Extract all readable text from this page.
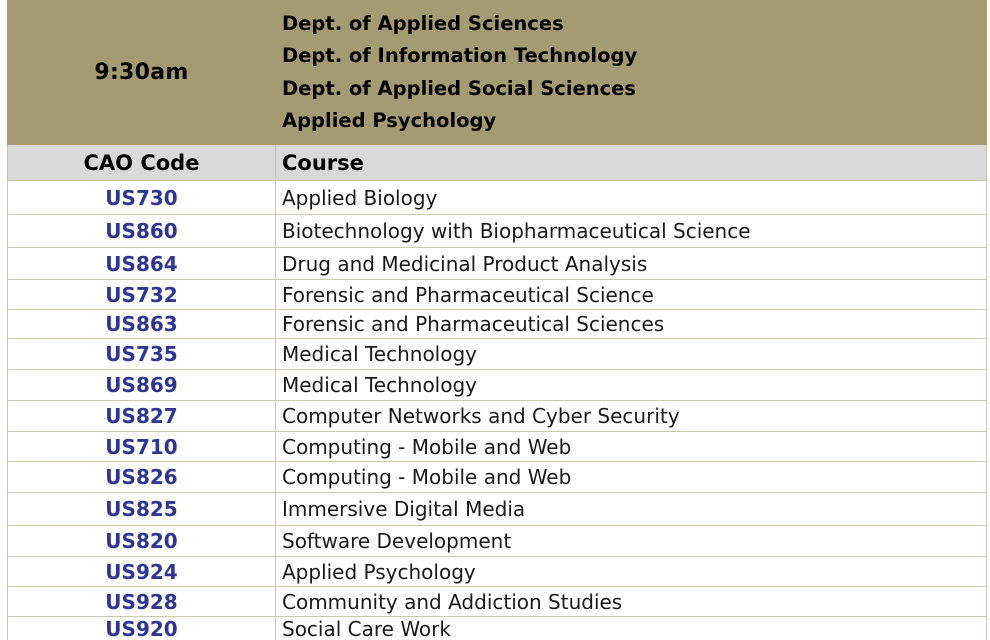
9:30am	Dept. of Applied Sciences
Dept. of Information Technology
Dept. of Applied Social Sciences
Applied Psychology

CAO Code	Course
US730	Applied Biology
US860	Biotechnology with Biopharmaceutical Science
US864	Drug and Medicinal Product Analysis
US732	Forensic and Pharmaceutical Science
US863	Forensic and Pharmaceutical Sciences
US735	Medical Technology
US869	Medical Technology
US827	Computer Networks and Cyber Security
US710	Computing - Mobile and Web
US826	Computing - Mobile and Web
US825	Immersive Digital Media
US820	Software Development
US924	Applied Psychology
US928	Community and Addiction Studies
US920	Social Care Work
